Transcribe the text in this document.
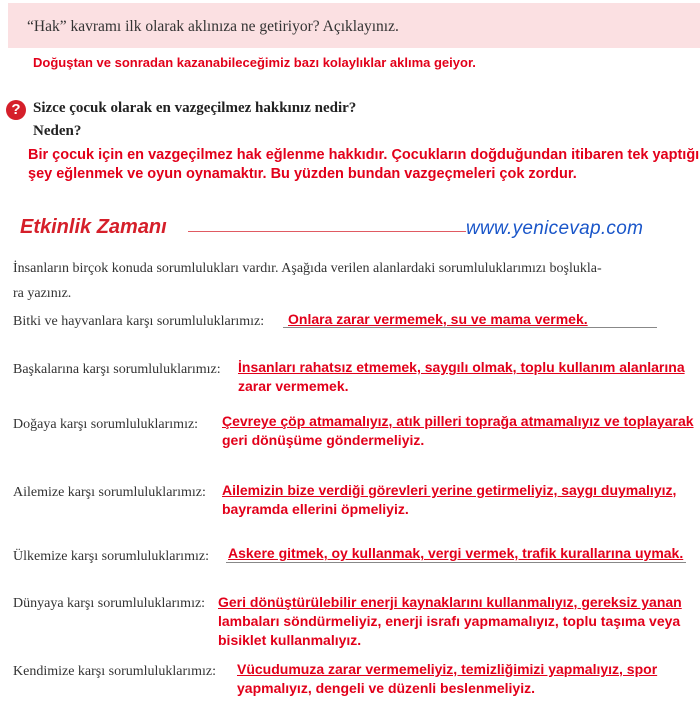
“Hak” kavramı ilk olarak aklınıza ne getiriyor? Açıklayınız.
Doğuştan ve sonradan kazanabileceğimiz bazı kolaylıklar aklıma geiyor.
? Sizce çocuk olarak en vazgeçilmez hakkınız nedir?
Neden?
Bir çocuk için en vazgeçilmez hak eğlenme hakkıdır. Çocukların doğduğundan itibaren tek yaptığı şey eğlenmek ve oyun oynamaktır. Bu yüzden bundan vazgeçmeleri çok zordur.
Etkinlik Zamanı	www.yenicevap.com
İnsanların birçok konuda sorumlulukları vardır. Aşağıda verilen alanlardaki sorumluluklarımızı boşlukla-
ra yazınız.
Bitki ve hayvanlara karşı sorumluluklarımız: Onlara zarar vermemek, su ve mama vermek.
Başkalarına karşı sorumluluklarımız: İnsanları rahatsız etmemek, saygılı olmak, toplu kullanım alanlarına
zarar vermemek.
Doğaya karşı sorumluluklarımız: Çevreye çöp atmamalıyız, atık pilleri toprağa atmamalıyız ve toplayarak
geri dönüşüme göndermeliyiz.
Ailemize karşı sorumluluklarımız: Ailemizin bize verdiği görevleri yerine getirmeliyiz, saygı duymalıyız,
bayramda ellerini öpmeliyiz.
Ülkemize karşı sorumluluklarımız: Askere gitmek, oy kullanmak, vergi vermek, trafik kurallarına uymak.
Dünyaya karşı sorumluluklarımız: Geri dönüştürülebilir enerji kaynaklarını kullanmalıyız, gereksiz yanan
lambaları söndürmeliyiz, enerji israfı yapmamalıyız, toplu taşıma veya
bisiklet kullanmalıyız.
Kendimize karşı sorumluluklarımız: Vücudumuza zarar vermemeliyiz, temizliğimizi yapmalıyız, spor
yapmalıyız, dengeli ve düzenli beslenmeliyiz.
